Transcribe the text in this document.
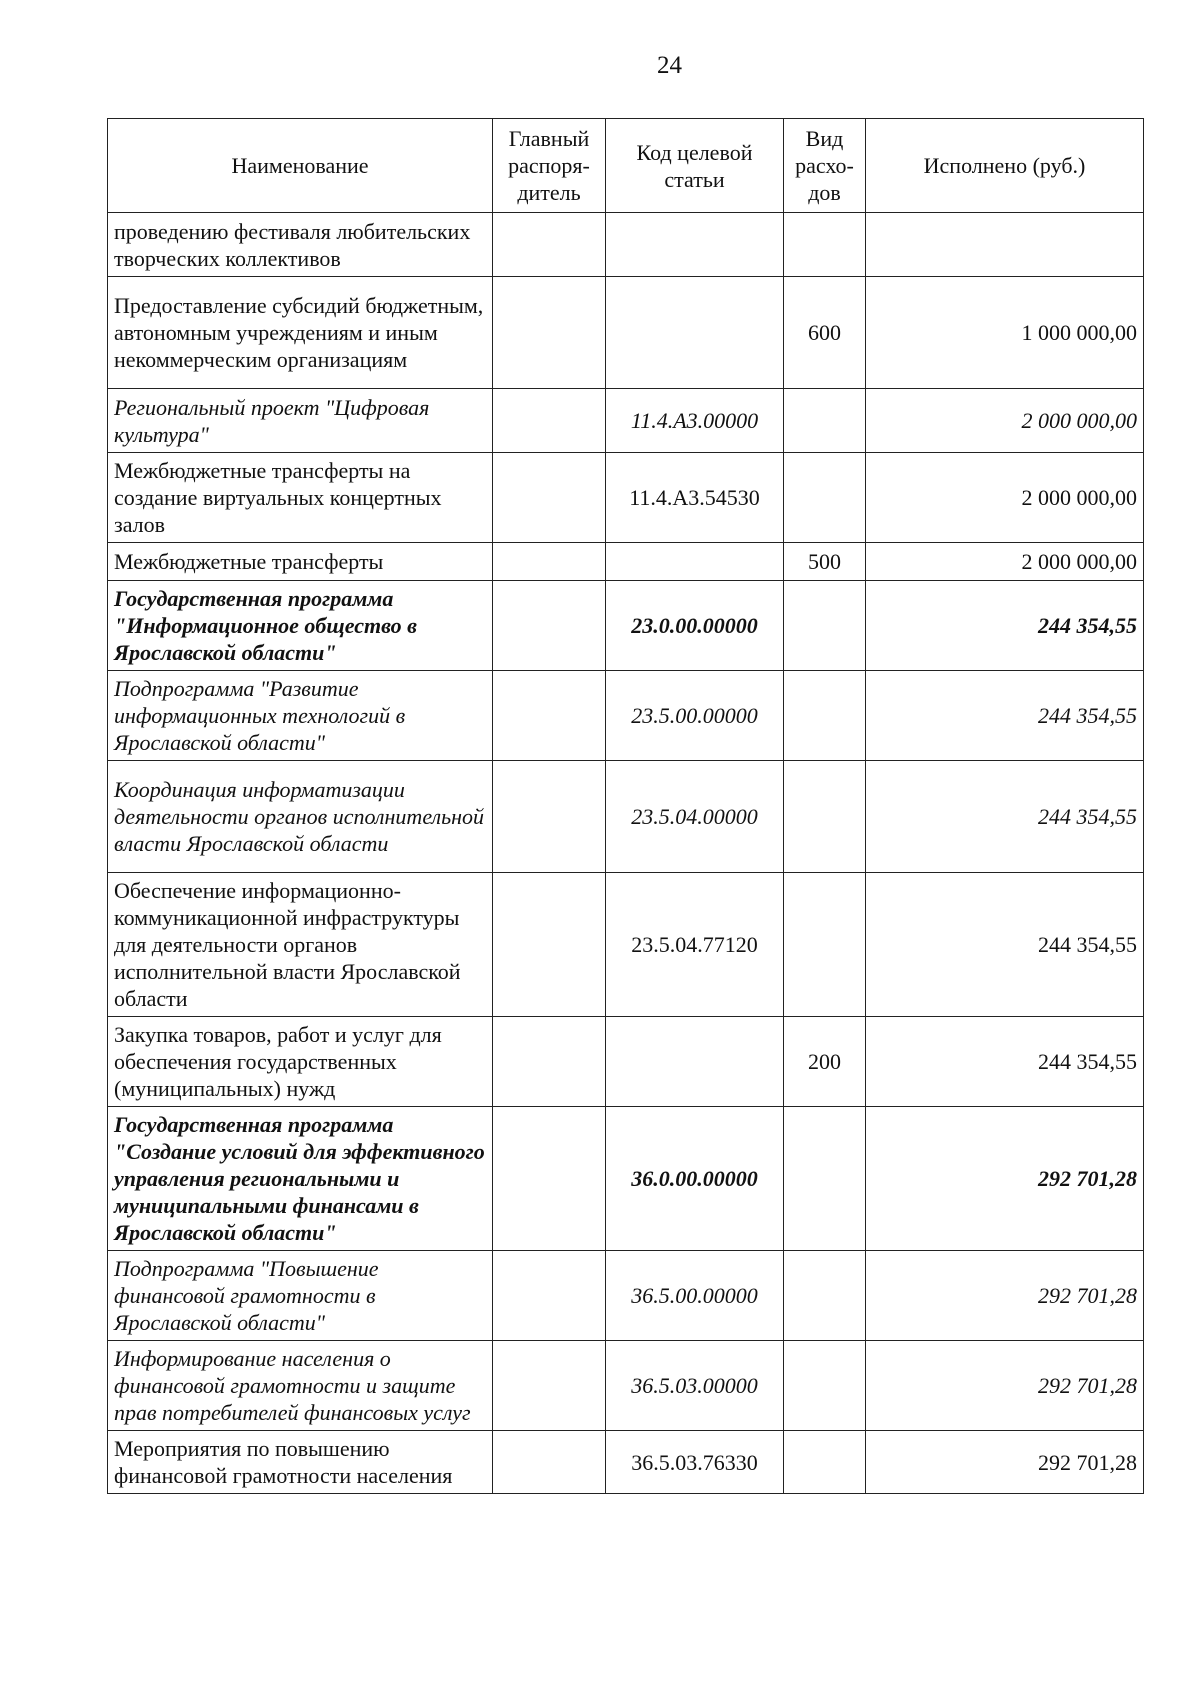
24
Наименование	Главный распоря-дитель	Код целевой статьи	Вид расхо-дов	Исполнено (руб.)
проведению фестиваля любительских творческих коллективов				
Предоставление субсидий бюджетным, автономным учреждениям и иным некоммерческим организациям			600	1 000 000,00
Региональный проект "Цифровая культура"		11.4.А3.00000		2 000 000,00
Межбюджетные трансферты на создание виртуальных концертных залов		11.4.А3.54530		2 000 000,00
Межбюджетные трансферты			500	2 000 000,00
Государственная программа "Информационное общество в Ярославской области"		23.0.00.00000		244 354,55
Подпрограмма "Развитие информационных технологий в Ярославской области"		23.5.00.00000		244 354,55
Координация информатизации деятельности органов исполнительной власти Ярославской области		23.5.04.00000		244 354,55
Обеспечение информационно-коммуникационной инфраструктуры для деятельности органов исполнительной власти Ярославской области		23.5.04.77120		244 354,55
Закупка товаров, работ и услуг для обеспечения государственных (муниципальных) нужд			200	244 354,55
Государственная программа "Создание условий для эффективного управления региональными и муниципальными финансами в Ярославской области"		36.0.00.00000		292 701,28
Подпрограмма "Повышение финансовой грамотности в Ярославской области"		36.5.00.00000		292 701,28
Информирование населения о финансовой грамотности и защите прав потребителей финансовых услуг		36.5.03.00000		292 701,28
Мероприятия по повышению финансовой грамотности населения		36.5.03.76330		292 701,28
